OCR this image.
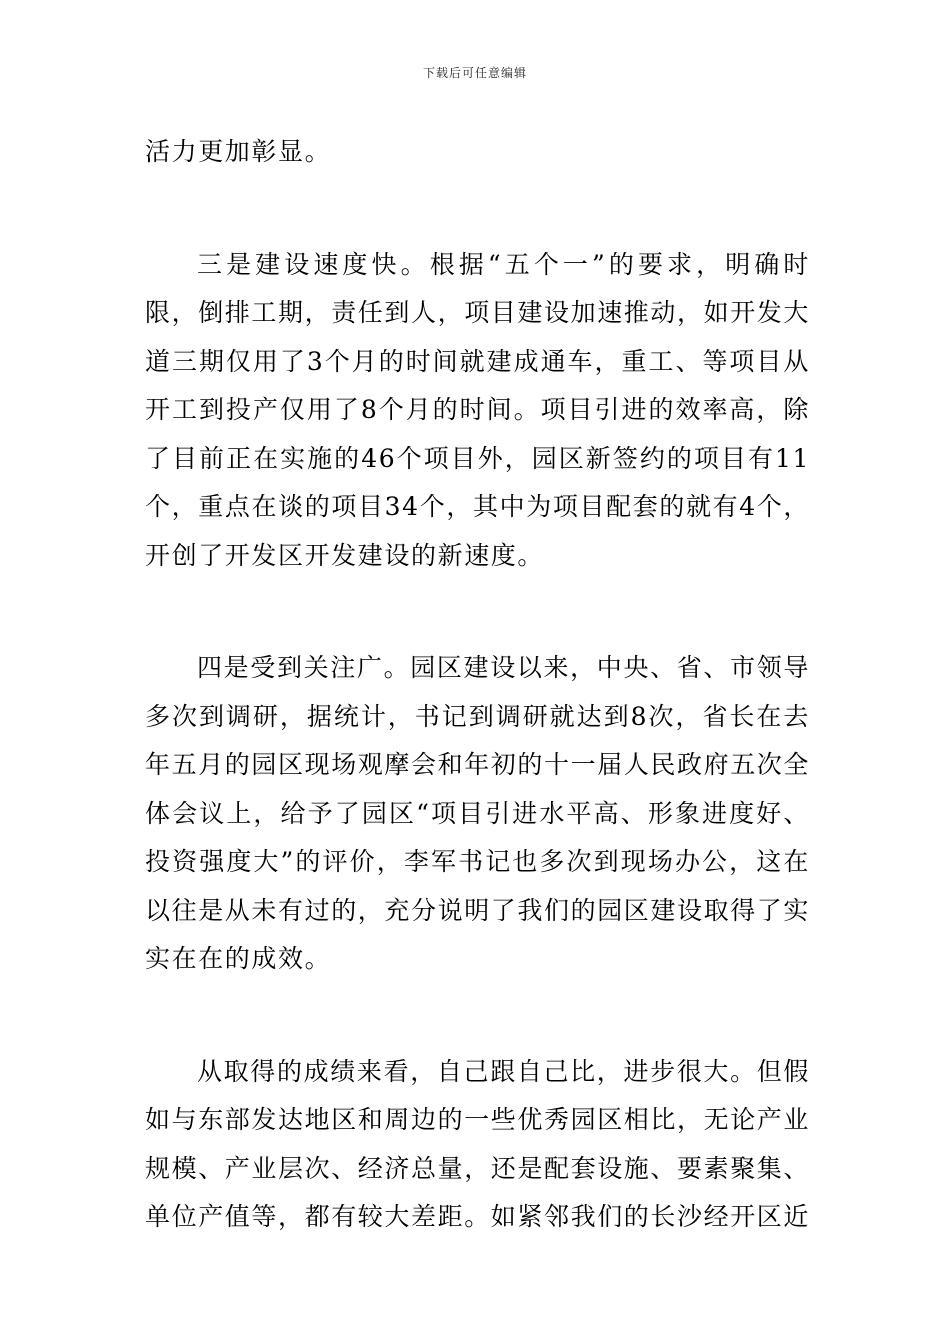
下载后可任意编辑

活力更加彰显。

三是建设速度快。根据“五个一”的要求，明确时限，倒排工期，责任到人，项目建设加速推动，如开发大道三期仅用了3个月的时间就建成通车，重工、等项目从开工到投产仅用了8个月的时间。项目引进的效率高，除了目前正在实施的46个项目外，园区新签约的项目有11个，重点在谈的项目34个，其中为项目配套的就有4个，开创了开发区开发建设的新速度。

四是受到关注广。园区建设以来，中央、省、市领导多次到调研，据统计，书记到调研就达到8次，省长在去年五月的园区现场观摩会和年初的十一届人民政府五次全体会议上，给予了园区“项目引进水平高、形象进度好、投资强度大”的评价，李军书记也多次到现场办公，这在以往是从未有过的，充分说明了我们的园区建设取得了实实在在的成效。

从取得的成绩来看，自己跟自己比，进步很大。但假如与东部发达地区和周边的一些优秀园区相比，无论产业规模、产业层次、经济总量，还是配套设施、要素聚集、单位产值等，都有较大差距。如紧邻我们的长沙经开区近
